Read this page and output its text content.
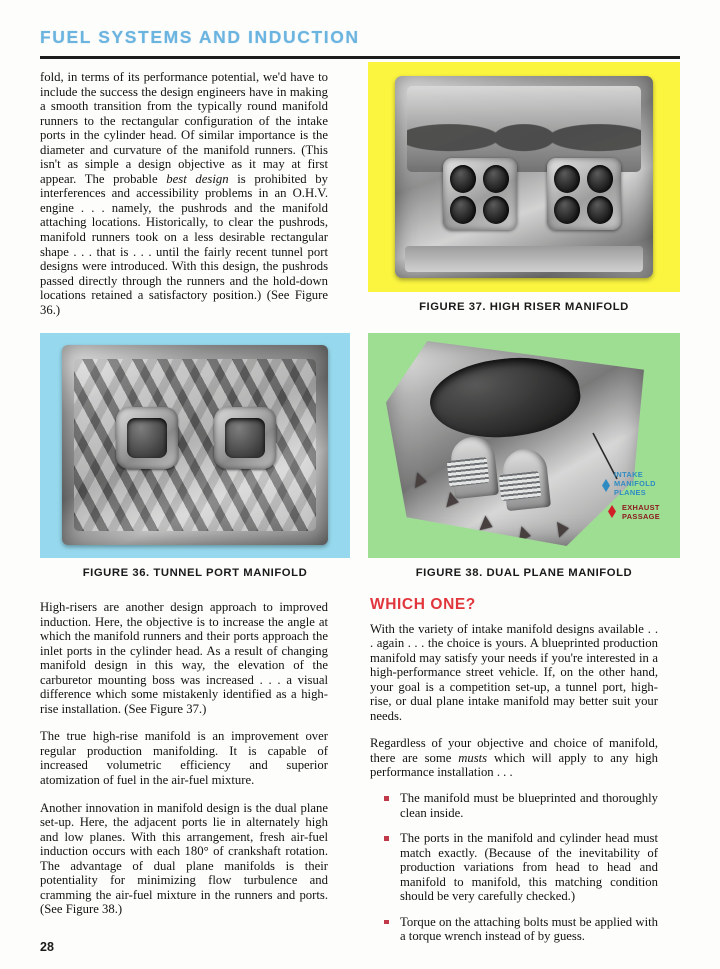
FUEL SYSTEMS AND INDUCTION
FIGURE 37. HIGH RISER MANIFOLD
FIGURE 36. TUNNEL PORT MANIFOLD
INTAKE
MANIFOLD
PLANES
EXHAUST
PASSAGE
FIGURE 38. DUAL PLANE MANIFOLD

fold, in terms of its performance potential, we'd have to include the success the design engineers have in making a smooth transition from the typically round manifold runners to the rectangular configuration of the intake ports in the cylinder head. Of similar importance is the diameter and curvature of the manifold runners. (This isn't as simple a design objective as it may at first appear. The probable best design is prohibited by interferences and accessibility problems in an O.H.V. engine . . . namely, the pushrods and the manifold attaching locations. Historically, to clear the pushrods, manifold runners took on a less desirable rectangular shape . . . that is . . . until the fairly recent tunnel port designs were introduced. With this design, the pushrods passed directly through the runners and the hold-down locations retained a satisfactory position.) (See Figure 36.)

High-risers are another design approach to improved induction. Here, the objective is to increase the angle at which the manifold runners and their ports approach the inlet ports in the cylinder head. As a result of changing manifold design in this way, the elevation of the carburetor mounting boss was increased . . . a visual difference which some mistakenly identified as a high-rise installation. (See Figure 37.)

The true high-rise manifold is an improvement over regular production manifolding. It is capable of increased volumetric efficiency and superior atomization of fuel in the air-fuel mixture.

Another innovation in manifold design is the dual plane set-up. Here, the adjacent ports lie in alternately high and low planes. With this arrangement, fresh air-fuel induction occurs with each 180° of crankshaft rotation. The advantage of dual plane manifolds is their potentiality for minimizing flow turbulence and cramming the air-fuel mixture in the runners and ports. (See Figure 38.)

WHICH ONE?

With the variety of intake manifold designs available . . . again . . . the choice is yours. A blueprinted production manifold may satisfy your needs if you're interested in a high-performance street vehicle. If, on the other hand, your goal is a competition set-up, a tunnel port, high-rise, or dual plane intake manifold may better suit your needs.

Regardless of your objective and choice of manifold, there are some musts which will apply to any high performance installation . . .

The manifold must be blueprinted and thoroughly clean inside.
The ports in the manifold and cylinder head must match exactly. (Because of the inevitability of production variations from head to head and manifold to manifold, this matching condition should be very carefully checked.)
Torque on the attaching bolts must be applied with a torque wrench instead of by guess.
28
